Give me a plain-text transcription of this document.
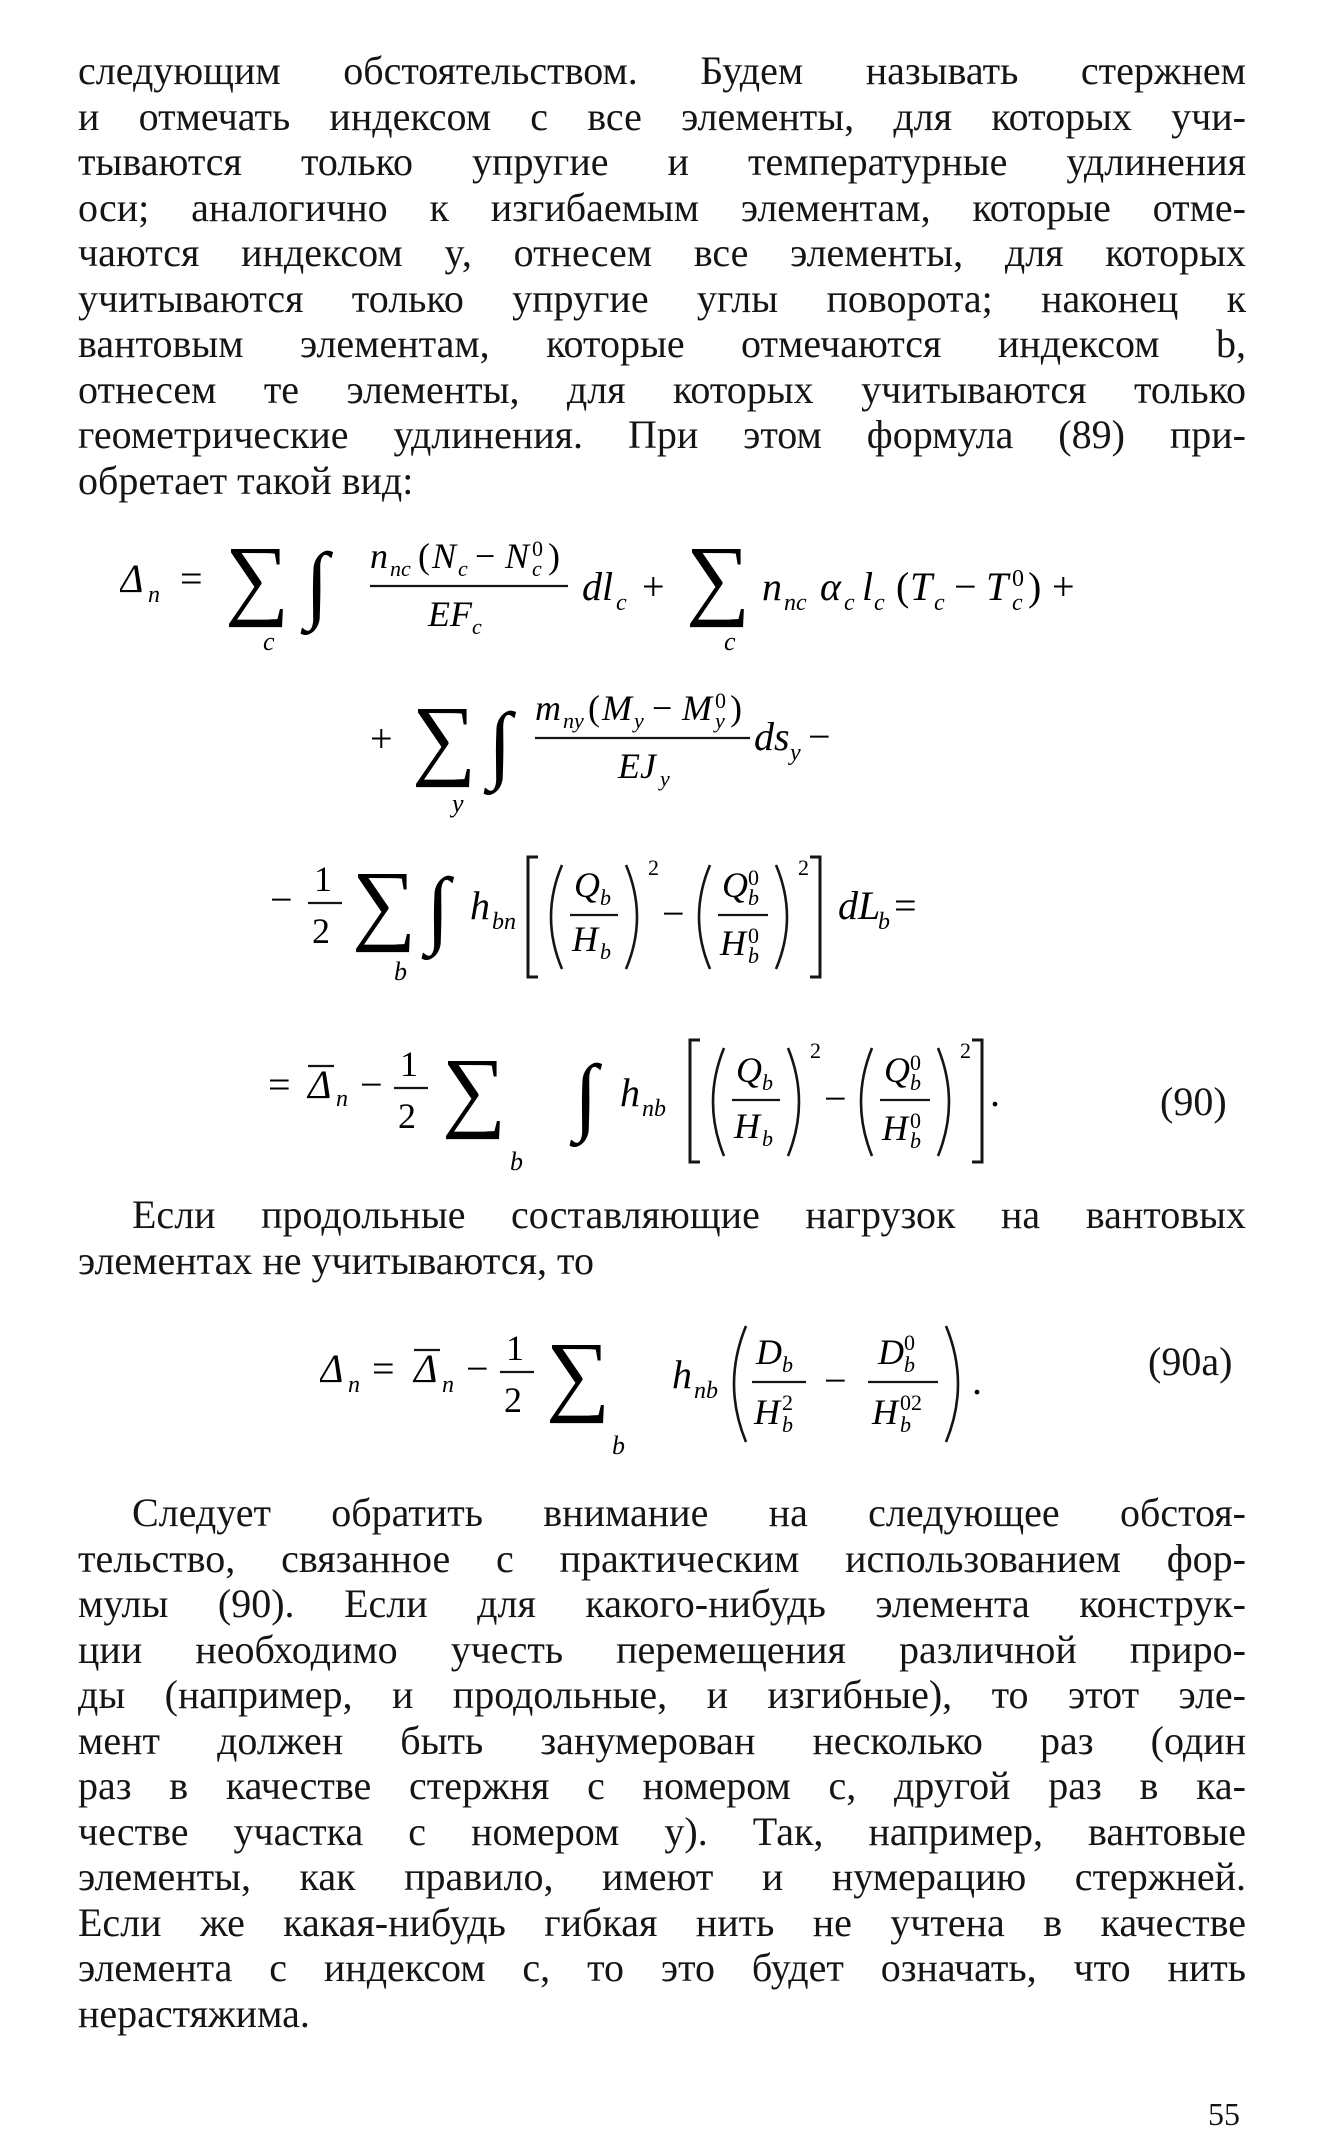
следующим обстоятельством. Будем называть стержнем
и отмечать индексом c все элементы, для которых учи-
тываются только упругие и температурные удлинения
оси; аналогично к изгибаемым элементам, которые отме-
чаются индексом y, отнесем все элементы, для которых
учитываются только упругие углы поворота; наконец к
вантовым элементам, которые отмечаются индексом b,
отнесем те элементы, для которых учитываются только
геометрические удлинения. При этом формула (89) при-
обретает такой вид:
Δ n = ∑
c
∫ n nc ( N c − N 0
c )
EF c
dl c + ∑
c
n nc α c l c ( T c − T 0
c ) +
+ ∑
y
∫ m ny ( M y − M 0
y )
EJ y
ds y −
− 1
2 ∑
b
∫ h bn
Q b
H b
2
−
Q 0
b
H 0
b
2
dL
b =
= Δ n − 1
2 ∑
b
∫ h nb
Q b
H b
2
−
Q 0
b
H 0
b
2
.	(90)
Если продольные составляющие нагрузок на вантовых
элементах не учитываются, то
Δ n = Δ n − 1
2 ∑
b
h nb
D b
H 2
b
−
D 0
b
H 02
b
.	(90a)
Следует обратить внимание на следующее обстоя-
тельство, связанное с практическим использованием фор-
мулы (90). Если для какого-нибудь элемента конструк-
ции необходимо учесть перемещения различной приро-
ды (например, и продольные, и изгибные), то этот эле-
мент должен быть занумерован несколько раз (один
раз в качестве стержня с номером c, другой раз в ка-
честве участка с номером y). Так, например, вантовые
элементы, как правило, имеют и нумерацию стержней.
Если же какая-нибудь гибкая нить не учтена в качестве
элемента с индексом c, то это будет означать, что нить
нерастяжима.
55
